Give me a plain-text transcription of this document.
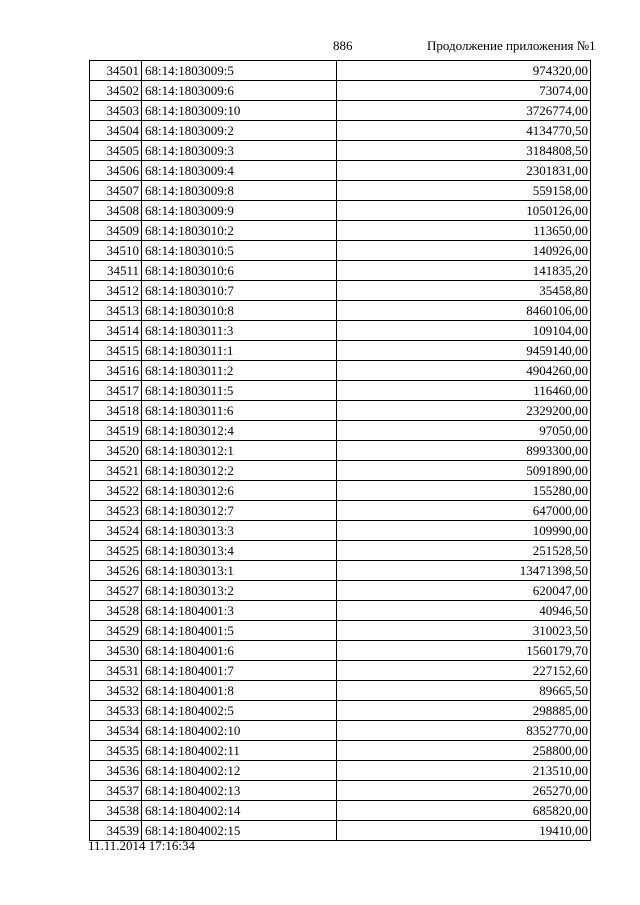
886	Продолжение приложения №1
34501	68:14:1803009:5	974320,00
34502	68:14:1803009:6	73074,00
34503	68:14:1803009:10	3726774,00
34504	68:14:1803009:2	4134770,50
34505	68:14:1803009:3	3184808,50
34506	68:14:1803009:4	2301831,00
34507	68:14:1803009:8	559158,00
34508	68:14:1803009:9	1050126,00
34509	68:14:1803010:2	113650,00
34510	68:14:1803010:5	140926,00
34511	68:14:1803010:6	141835,20
34512	68:14:1803010:7	35458,80
34513	68:14:1803010:8	8460106,00
34514	68:14:1803011:3	109104,00
34515	68:14:1803011:1	9459140,00
34516	68:14:1803011:2	4904260,00
34517	68:14:1803011:5	116460,00
34518	68:14:1803011:6	2329200,00
34519	68:14:1803012:4	97050,00
34520	68:14:1803012:1	8993300,00
34521	68:14:1803012:2	5091890,00
34522	68:14:1803012:6	155280,00
34523	68:14:1803012:7	647000,00
34524	68:14:1803013:3	109990,00
34525	68:14:1803013:4	251528,50
34526	68:14:1803013:1	13471398,50
34527	68:14:1803013:2	620047,00
34528	68:14:1804001:3	40946,50
34529	68:14:1804001:5	310023,50
34530	68:14:1804001:6	1560179,70
34531	68:14:1804001:7	227152,60
34532	68:14:1804001:8	89665,50
34533	68:14:1804002:5	298885,00
34534	68:14:1804002:10	8352770,00
34535	68:14:1804002:11	258800,00
34536	68:14:1804002:12	213510,00
34537	68:14:1804002:13	265270,00
34538	68:14:1804002:14	685820,00
34539	68:14:1804002:15	19410,00
11.11.2014 17:16:34
